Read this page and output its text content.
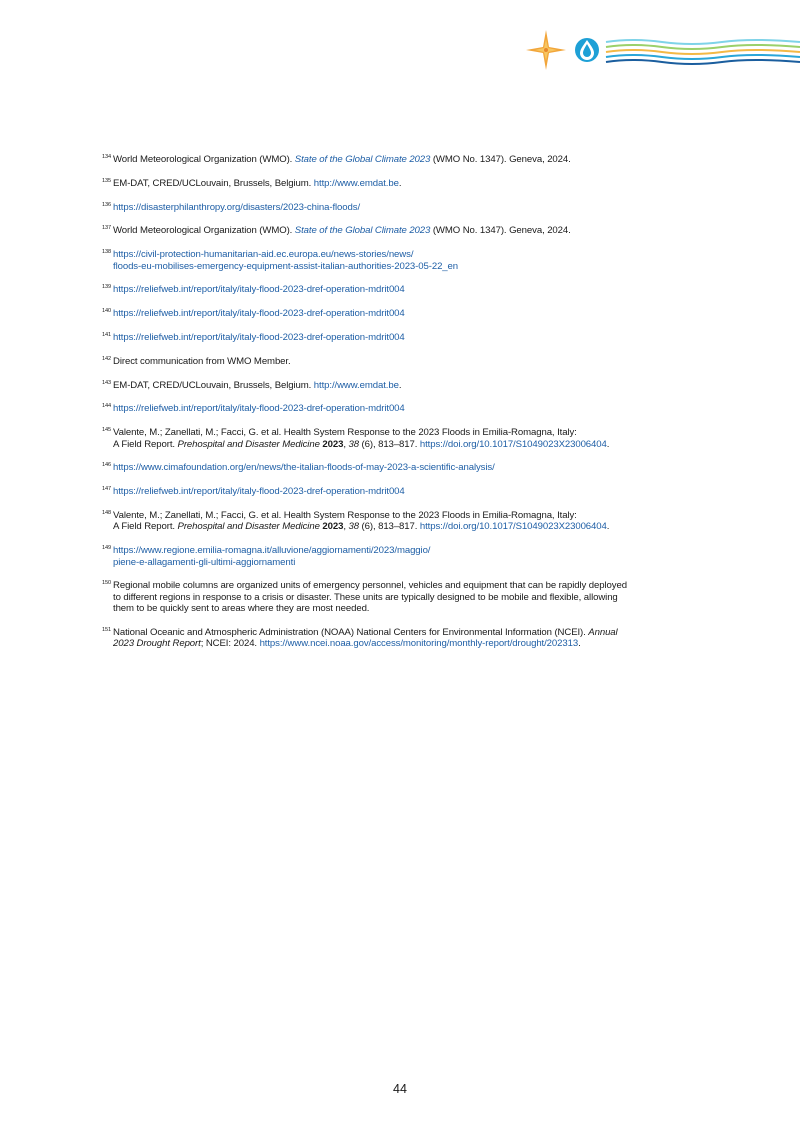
134 World Meteorological Organization (WMO). State of the Global Climate 2023 (WMO No. 1347). Geneva, 2024.
135 EM-DAT, CRED/UCLouvain, Brussels, Belgium. http://www.emdat.be.
136 https://disasterphilanthropy.org/disasters/2023-china-floods/
137 World Meteorological Organization (WMO). State of the Global Climate 2023 (WMO No. 1347). Geneva, 2024.
138 https://civil-protection-humanitarian-aid.ec.europa.eu/news-stories/news/
floods-eu-mobilises-emergency-equipment-assist-italian-authorities-2023-05-22_en
139 https://reliefweb.int/report/italy/italy-flood-2023-dref-operation-mdrit004
140 https://reliefweb.int/report/italy/italy-flood-2023-dref-operation-mdrit004
141 https://reliefweb.int/report/italy/italy-flood-2023-dref-operation-mdrit004
142 Direct communication from WMO Member.
143 EM-DAT, CRED/UCLouvain, Brussels, Belgium. http://www.emdat.be.
144 https://reliefweb.int/report/italy/italy-flood-2023-dref-operation-mdrit004
145 Valente, M.; Zanellati, M.; Facci, G. et al. Health System Response to the 2023 Floods in Emilia-Romagna, Italy:
A Field Report. Prehospital and Disaster Medicine 2023, 38 (6), 813–817. https://doi.org/10.1017/S1049023X23006404.
146 https://www.cimafoundation.org/en/news/the-italian-floods-of-may-2023-a-scientific-analysis/
147 https://reliefweb.int/report/italy/italy-flood-2023-dref-operation-mdrit004
148 Valente, M.; Zanellati, M.; Facci, G. et al. Health System Response to the 2023 Floods in Emilia-Romagna, Italy:
A Field Report. Prehospital and Disaster Medicine 2023, 38 (6), 813–817. https://doi.org/10.1017/S1049023X23006404.
149 https://www.regione.emilia-romagna.it/alluvione/aggiornamenti/2023/maggio/
piene-e-allagamenti-gli-ultimi-aggiornamenti
150 Regional mobile columns are organized units of emergency personnel, vehicles and equipment that can be rapidly deployed
to different regions in response to a crisis or disaster. These units are typically designed to be mobile and flexible, allowing
them to be quickly sent to areas where they are most needed.
151 National Oceanic and Atmospheric Administration (NOAA) National Centers for Environmental Information (NCEI). Annual
2023 Drought Report; NCEI: 2024. https://www.ncei.noaa.gov/access/monitoring/monthly-report/drought/202313.
44
